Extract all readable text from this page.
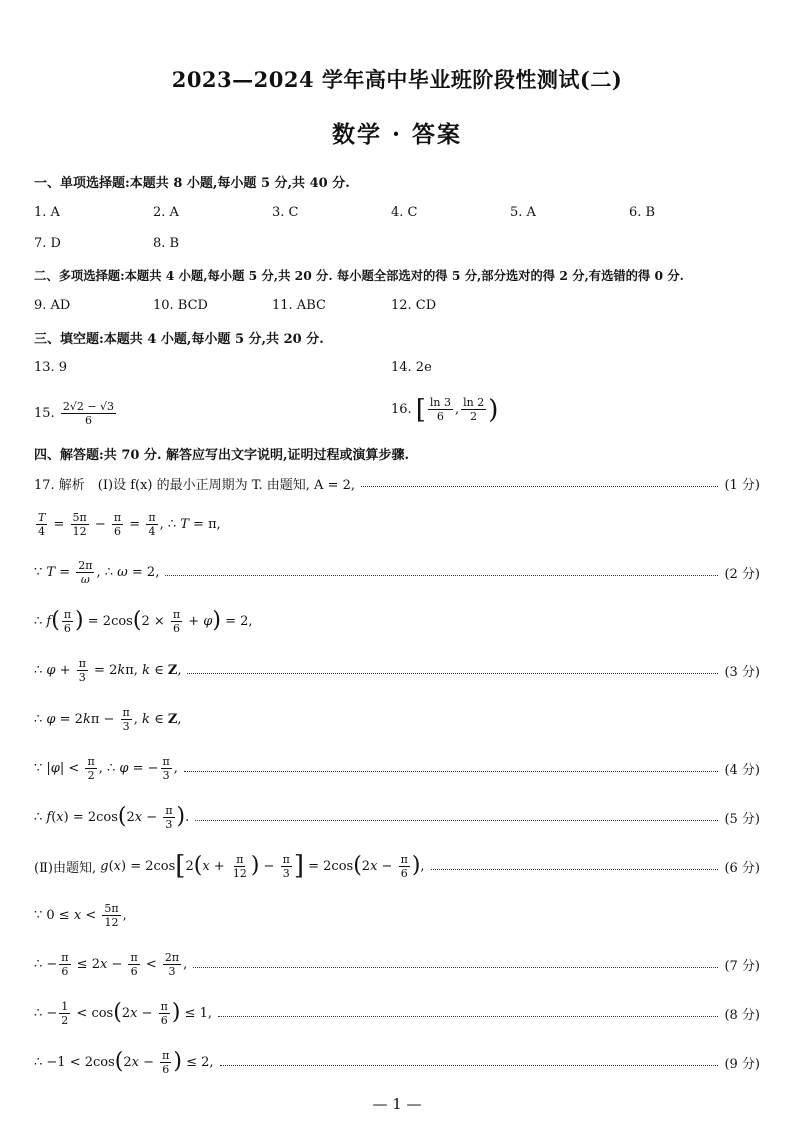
2023—2024 学年高中毕业班阶段性测试(二)
数学 · 答案
一、单项选择题:本题共 8 小题,每小题 5 分,共 40 分.
1. A	2. A	3. C	4. C	5. A	6. B
7. D	8. B
二、多项选择题:本题共 4 小题,每小题 5 分,共 20 分. 每小题全部选对的得 5 分,部分选对的得 2 分,有选错的得 0 分.
9. AD	10. BCD	11. ABC	12. CD
三、填空题:本题共 4 小题,每小题 5 分,共 20 分.
13. 9	14. 2e
15. $\frac{2√2 - √3}{6}$	16. [ $\frac{\ln 3}{6}$ , $\frac{\ln 2}{2}$ )
四、解答题:共 70 分. 解答应写出文字说明,证明过程或演算步骤.
17. 解析　(Ⅰ)设 f(x) 的最小正周期为 T. 由题知, A = 2,	(1 分)
$\frac{T}{4} = \frac{5\pi}{12} - \frac{\pi}{6} = \frac{\pi}{4}$ , ∴ T = π,
∵ $T = \frac{2\pi}{\omega}$ , ∴ ω = 2,	(2 分)
∴ f ( $\frac{\pi}{6}$ ) = 2cos ( $2 \times \frac{\pi}{6} + \varphi$ ) = 2,
∴ $\varphi + \frac{\pi}{3} = 2$ k π, k ∈ Z ,	(3 分)
∴ φ = 2 k $\pi - \frac{\pi}{3}$ , k ∈ Z ,
∵ | φ | < $\frac{\pi}{2}$ , ∴ φ = − $\frac{\pi}{3}$ ,	(4 分)
∴ f ( x ) = 2cos ( 2 $x - \frac{\pi}{3}$ ) .	(5 分)
(Ⅱ)由题知, g ( x ) = 2cos [ 2 ( $x + \frac{\pi}{12}$ ) − $\frac{\pi}{3}$ ] = 2cos ( 2 $x - \frac{\pi}{6}$ ) ,	(6 分)
∵ $0 \le x < \frac{5\pi}{12}$ ,
∴ − $\frac{\pi}{6} \le 2$ $x - \frac{\pi}{6} < \frac{2\pi}{3}$ ,	(7 分)
∴ − $\frac{1}{2} < \cos$ ( 2 $x - \frac{\pi}{6}$ ) ≤ 1,	(8 分)
∴ −1 < 2cos ( 2 $x - \frac{\pi}{6}$ ) ≤ 2,	(9 分)
— 1 —
